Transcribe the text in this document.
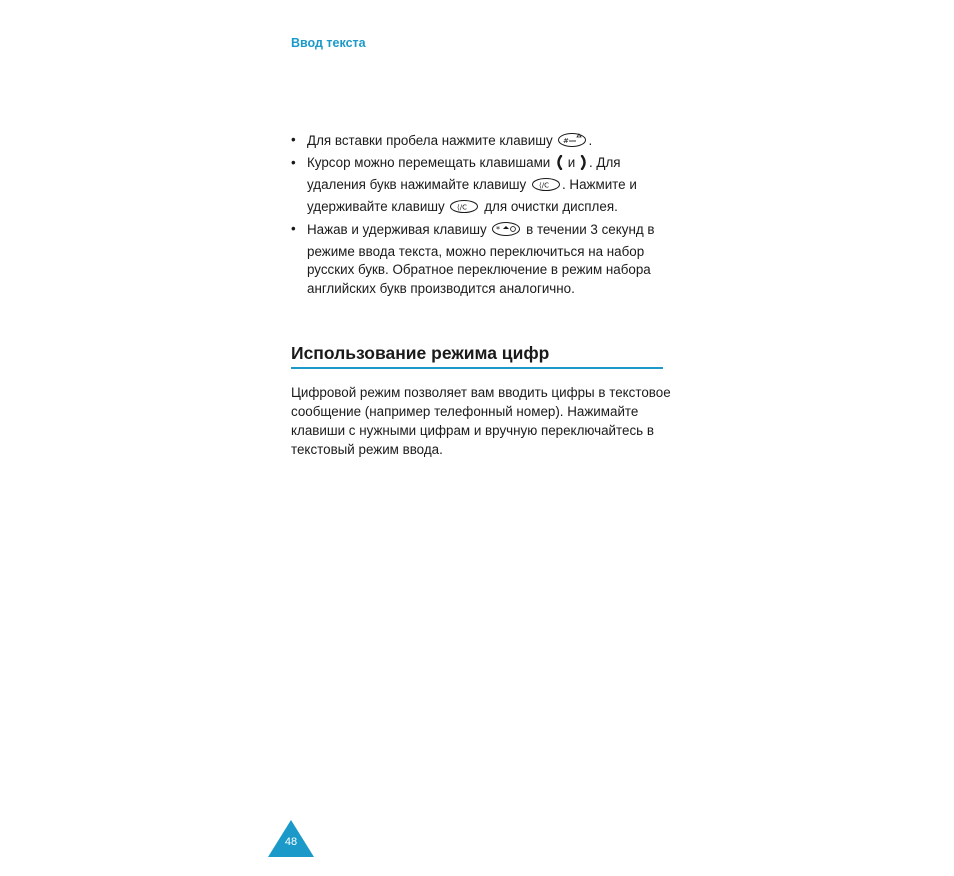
Ввод текста
• Для вставки пробела нажмите клавишу # .
• Курсор можно перемещать клавишами и . Для удаления букв нажимайте клавишу ⟨/C . Нажмите и удерживайте клавишу ⟨/C для очистки дисплея.
• Нажав и удерживая клавишу * в течении 3 секунд в режиме ввода текста, можно переключиться на набор русских букв. Обратное переключение в режим набора английских букв производится аналогично.
Использование режима цифр

Цифровой режим позволяет вам вводить цифры в текстовое сообщение (например телефонный номер). Нажимайте клавиши с нужными цифрам и вручную переключайтесь в текстовый режим ввода.

48
